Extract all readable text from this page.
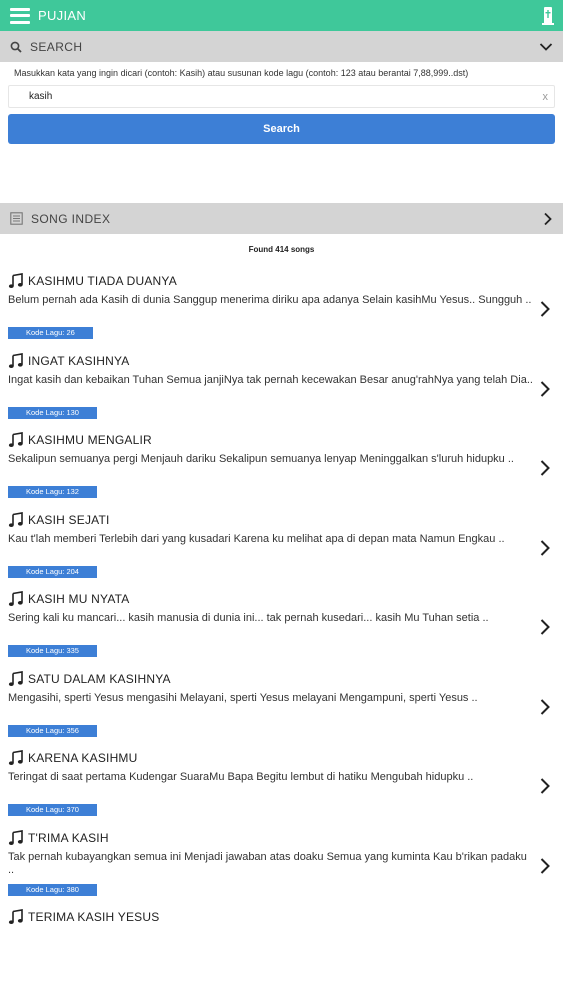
PUJIAN
SEARCH
Masukkan kata yang ingin dicari (contoh: Kasih) atau susunan kode lagu (contoh: 123 atau berantai 7,88,999..dst)
kasih
x
Search
SONG INDEX
Found 414 songs
KASIHMU TIADA DUANYA
Belum pernah ada Kasih di dunia Sanggup menerima diriku apa adanya Selain kasihMu Yesus.. Sungguh ..
Kode Lagu: 26
INGAT KASIHNYA
Ingat kasih dan kebaikan Tuhan Semua janjiNya tak pernah kecewakan Besar anug'rahNya yang telah Dia..
Kode Lagu: 130
KASIHMU MENGALIR
Sekalipun semuanya pergi Menjauh dariku Sekalipun semuanya lenyap Meninggalkan s'luruh hidupku ..
Kode Lagu: 132
KASIH SEJATI
Kau t'lah memberi Terlebih dari yang kusadari Karena ku melihat apa di depan mata Namun Engkau ..
Kode Lagu: 204
KASIH MU NYATA
Sering kali ku mancari... kasih manusia di dunia ini... tak pernah kusedari... kasih Mu Tuhan setia ..
Kode Lagu: 335
SATU DALAM KASIHNYA
Mengasihi, sperti Yesus mengasihi Melayani, sperti Yesus melayani Mengampuni, sperti Yesus ..
Kode Lagu: 356
KARENA KASIHMU
Teringat di saat pertama Kudengar SuaraMu Bapa Begitu lembut di hatiku Mengubah hidupku ..
Kode Lagu: 370
T'RIMA KASIH
Tak pernah kubayangkan semua ini Menjadi jawaban atas doaku Semua yang kuminta Kau b'rikan padaku ..
Kode Lagu: 380
TERIMA KASIH YESUS
